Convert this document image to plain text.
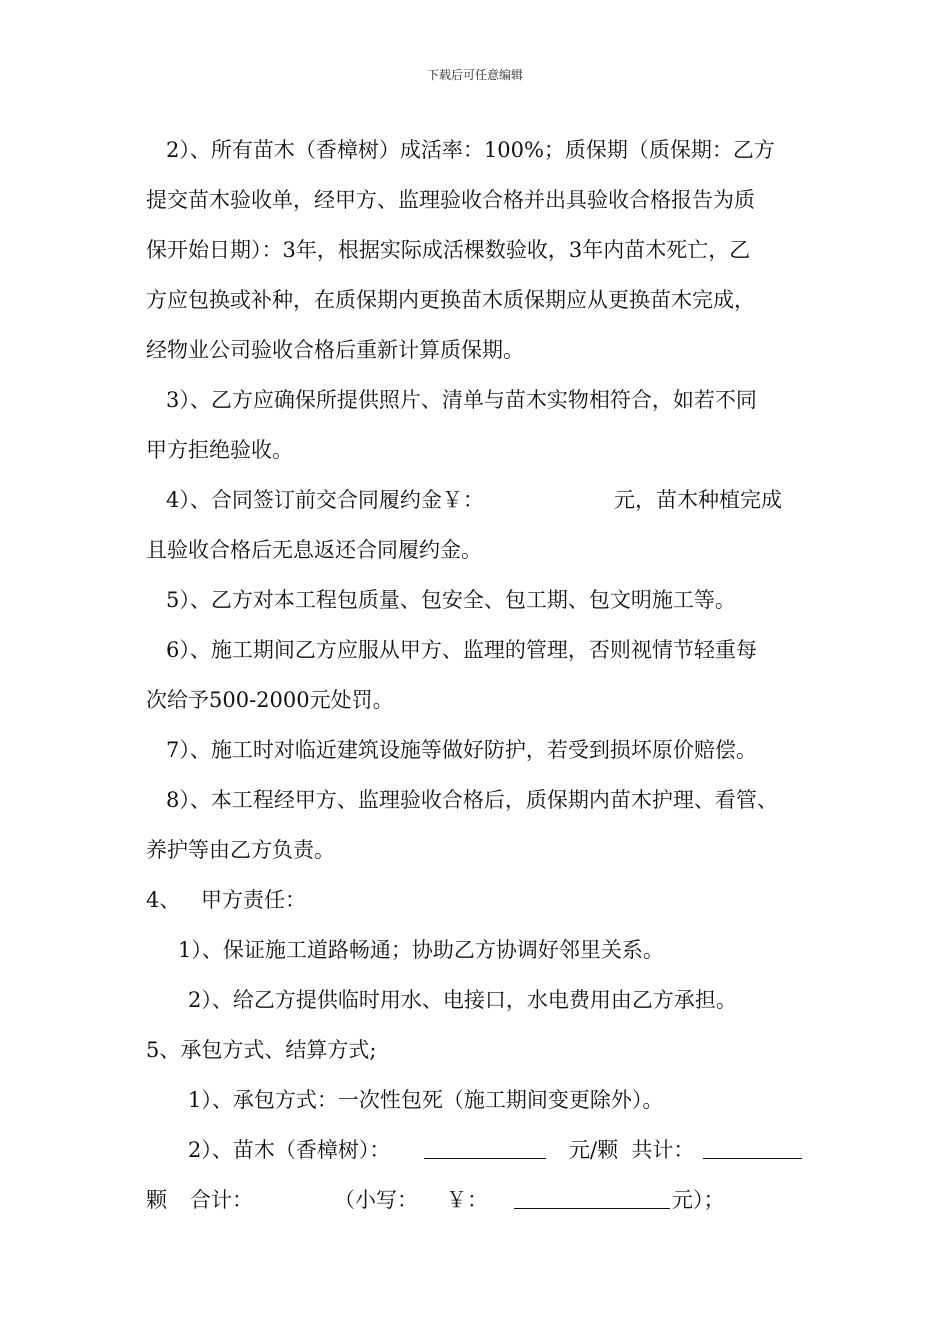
下载后可任意编辑
2）、所有苗木（香樟树）成活率：100%；质保期（质保期：乙方
提交苗木验收单，经甲方、监理验收合格并出具验收合格报告为质
保开始日期）：3年，根据实际成活棵数验收，3年内苗木死亡，乙
方应包换或补种，在质保期内更换苗木质保期应从更换苗木完成，
经物业公司验收合格后重新计算质保期。
3）、乙方应确保所提供照片、清单与苗木实物相符合，如若不同
甲方拒绝验收。
4）、合同签订前交合同履约金￥：	元，苗木种植完成
且验收合格后无息返还合同履约金。
5）、乙方对本工程包质量、包安全、包工期、包文明施工等。
6）、施工期间乙方应服从甲方、监理的管理，否则视情节轻重每
次给予500-2000元处罚。
7）、施工时对临近建筑设施等做好防护，若受到损坏原价赔偿。
8）、本工程经甲方、监理验收合格后，质保期内苗木护理、看管、
养护等由乙方负责。
4、 甲方责任：
1）、保证施工道路畅通；协助乙方协调好邻里关系。
2）、给乙方提供临时用水、电接口，水电费用由乙方承担。
5、承包方式、结算方式;
1）、承包方式：一次性包死（施工期间变更除外）。
2）、苗木（香樟树）：	元/颗  共计：
颗 合计：	（小写： ￥：	元）；
